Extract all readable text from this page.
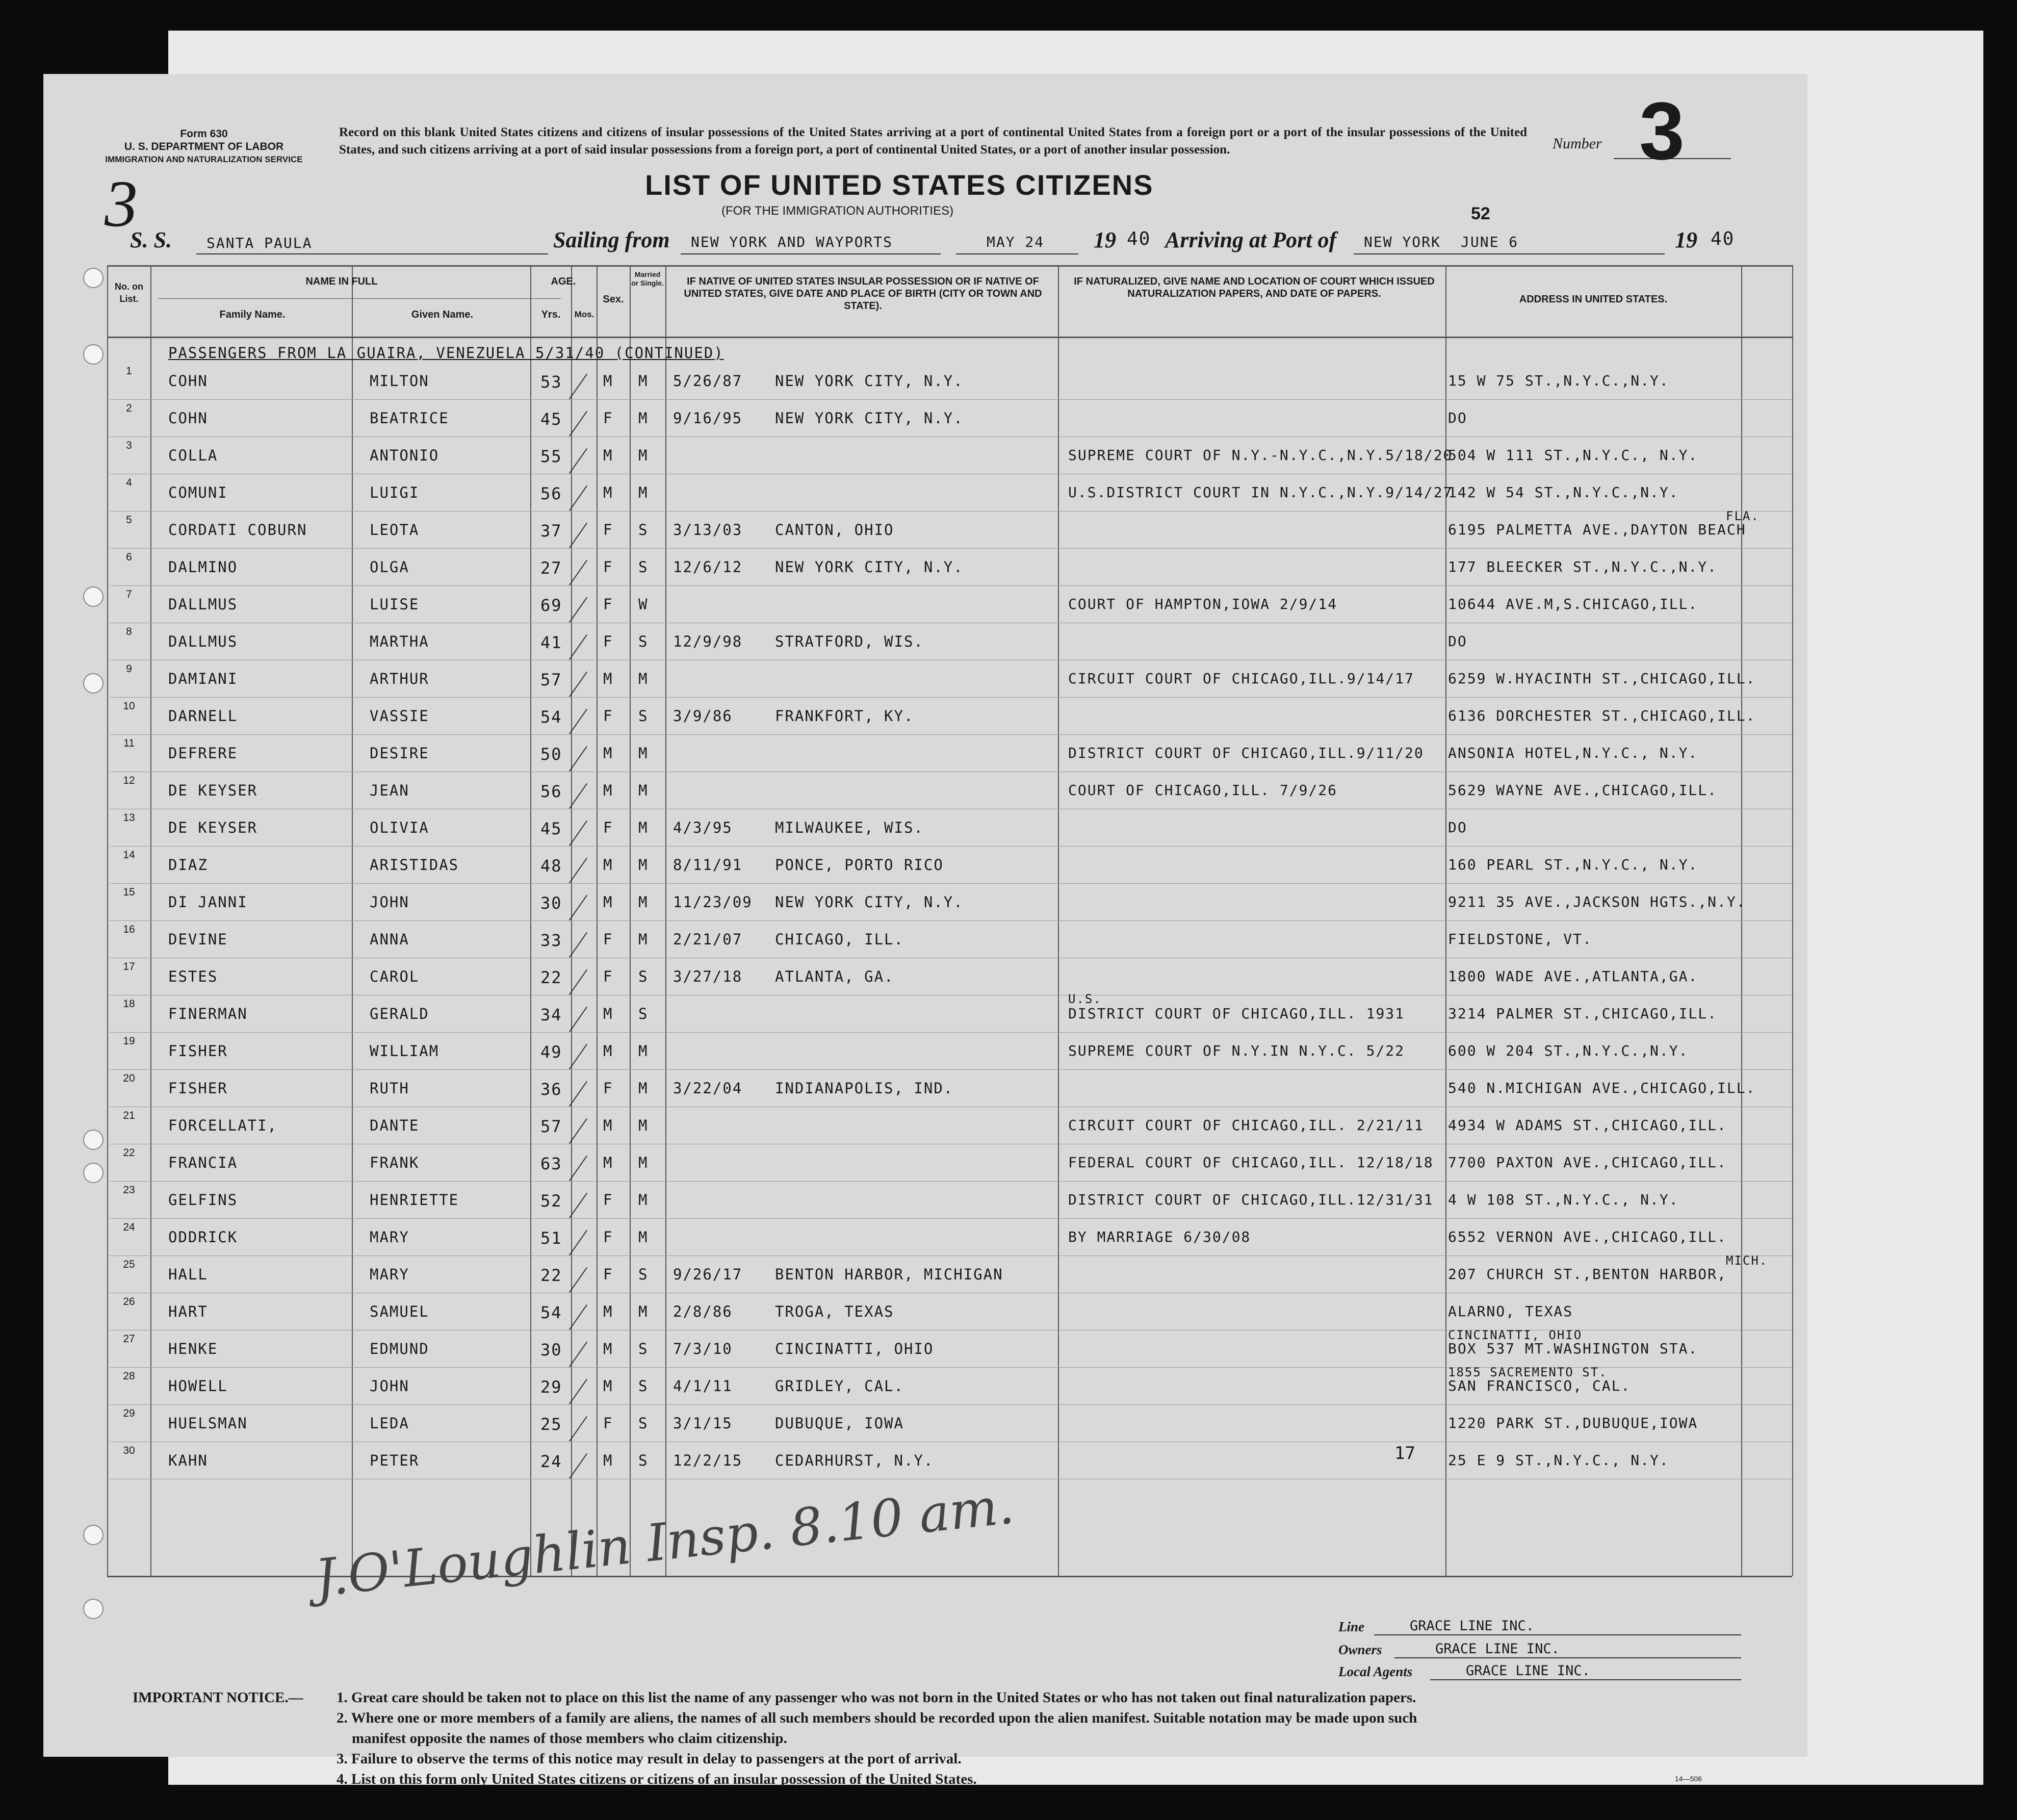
Form 630
U. S. DEPARTMENT OF LABOR
IMMIGRATION AND NATURALIZATION SERVICE
Record on this blank United States citizens and citizens of insular possessions of the United States arriving at a port of continental United States from a foreign port or a port of the insular possessions of the United States, and such citizens arriving at a port of said insular possessions from a foreign port, a port of continental United States, or a port of another insular possession.	Number 3
3	LIST OF UNITED STATES CITIZENS
(FOR THE IMMIGRATION AUTHORITIES)	52
S. S. SANTA PAULA	Sailing from NEW YORK AND WAYPORTS	MAY 24 19 40 Arriving at Port of NEW YORK JUNE 6	19 40
No. on List.
NAME IN FULL
Family Name.	Given Name.
AGE.
Yrs.	Mos.
Sex.
Married or Single.	IF NATIVE OF UNITED STATES INSULAR POSSESSION OR IF NATIVE OF UNITED STATES, GIVE DATE AND PLACE OF BIRTH (CITY OR TOWN AND STATE).
IF NATURALIZED, GIVE NAME AND LOCATION OF COURT WHICH ISSUED NATURALIZATION PAPERS, AND DATE OF PAPERS.	ADDRESS IN UNITED STATES.
PASSENGERS FROM LA GUAIRA, VENEZUELA 5/31/40 (CONTINUED)
1
COHN	MILTON	53	M M 5/26/87 NEW YORK CITY, N.Y.	15 W 75 ST.,N.Y.C.,N.Y.
2
COHN	BEATRICE	45	F M 9/16/95 NEW YORK CITY, N.Y.	DO
3
COLLA	ANTONIO	55	M M	SUPREME COURT OF N.Y.-N.Y.C.,N.Y.5/18/20
504 W 111 ST.,N.Y.C., N.Y.
4
COMUNI	LUIGI	56	M M	U.S.DISTRICT COURT IN N.Y.C.,N.Y.9/14/27
142 W 54 ST.,N.Y.C.,N.Y.
5
CORDATI COBURN	LEOTA	37	F S 3/13/03 CANTON, OHIO	6195 PALMETTA AVE.,DAYTON BEACH
FLA.
6
DALMINO	OLGA	27	F S 12/6/12 NEW YORK CITY, N.Y.	177 BLEECKER ST.,N.Y.C.,N.Y.
7
DALLMUS	LUISE	69	F W	COURT OF HAMPTON,IOWA 2/9/14	10644 AVE.M,S.CHICAGO,ILL.
8
DALLMUS	MARTHA	41	F S 12/9/98 STRATFORD, WIS.	DO
9
DAMIANI	ARTHUR	57	M M	CIRCUIT COURT OF CHICAGO,ILL.9/14/17 6259 W.HYACINTH ST.,CHICAGO,ILL.
10
DARNELL	VASSIE	54	F S 3/9/86	FRANKFORT, KY.	6136 DORCHESTER ST.,CHICAGO,ILL.
11
DEFRERE	DESIRE	50	M M	DISTRICT COURT OF CHICAGO,ILL.9/11/20 ANSONIA HOTEL,N.Y.C., N.Y.
12
DE KEYSER	JEAN	56	M M	COURT OF CHICAGO,ILL. 7/9/26	5629 WAYNE AVE.,CHICAGO,ILL.
13
DE KEYSER	OLIVIA	45	F M 4/3/95	MILWAUKEE, WIS.	DO
14
DIAZ	ARISTIDAS	48	M M 8/11/91 PONCE, PORTO RICO	160 PEARL ST.,N.Y.C., N.Y.
15
DI JANNI	JOHN	30	M M 11/23/09 NEW YORK CITY, N.Y.	9211 35 AVE.,JACKSON HGTS.,N.Y.
16
DEVINE	ANNA	33	F M 2/21/07 CHICAGO, ILL.	FIELDSTONE, VT.
17
ESTES	CAROL	22	F S 3/27/18 ATLANTA, GA.	1800 WADE AVE.,ATLANTA,GA.
18
FINERMAN	GERALD	34	M S	DISTRICT COURT OF CHICAGO,ILL. 1931	3214 PALMER ST.,CHICAGO,ILL.
U.S.
19
FISHER	WILLIAM	49	M M	SUPREME COURT OF N.Y.IN N.Y.C. 5/22	600 W 204 ST.,N.Y.C.,N.Y.
20
FISHER	RUTH	36	F M 3/22/04 INDIANAPOLIS, IND.	540 N.MICHIGAN AVE.,CHICAGO,ILL.
21
FORCELLATI,	DANTE	57	M M	CIRCUIT COURT OF CHICAGO,ILL. 2/21/11 4934 W ADAMS ST.,CHICAGO,ILL.
22
FRANCIA	FRANK	63	M M	FEDERAL COURT OF CHICAGO,ILL. 12/18/18 7700 PAXTON AVE.,CHICAGO,ILL.
23
GELFINS	HENRIETTE	52	F M	DISTRICT COURT OF CHICAGO,ILL.12/31/31 4 W 108 ST.,N.Y.C., N.Y.
24
ODDRICK	MARY	51	F M	BY MARRIAGE 6/30/08	6552 VERNON AVE.,CHICAGO,ILL.
25
HALL	MARY	22	F S 9/26/17 BENTON HARBOR, MICHIGAN	207 CHURCH ST.,BENTON HARBOR,
MICH.
26
HART	SAMUEL	54	M M 2/8/86	TROGA, TEXAS	ALARNO, TEXAS
27
HENKE	EDMUND	30	M S 7/3/10	CINCINATTI, OHIO	BOX 537 MT.WASHINGTON STA.
CINCINATTI, OHIO
28
HOWELL	JOHN	29	M S 4/1/11	GRIDLEY, CAL.	SAN FRANCISCO, CAL.
1855 SACREMENTO ST.
29
HUELSMAN	LEDA	25	F S 3/1/15	DUBUQUE, IOWA	1220 PARK ST.,DUBUQUE,IOWA
30
KAHN	PETER	24	M S 12/2/15 CEDARHURST, N.Y.	25 E 9 ST.,N.Y.C., N.Y.
17
J.O'Loughlin Insp. 8.10 am.
Line	GRACE LINE INC.
Owners	GRACE LINE INC.
Local Agents	GRACE LINE INC.
IMPORTANT NOTICE.— 1. Great care should be taken not to place on this list the name of any passenger who was not born in the United States or who has not taken out final naturalization papers.
2. Where one or more members of a family are aliens, the names of all such members should be recorded upon the alien manifest. Suitable notation may be made upon such
manifest opposite the names of those members who claim citizenship.
3. Failure to observe the terms of this notice may result in delay to passengers at the port of arrival.
4. List on this form only United States citizens or citizens of an insular possession of the United States.	14—506
7
